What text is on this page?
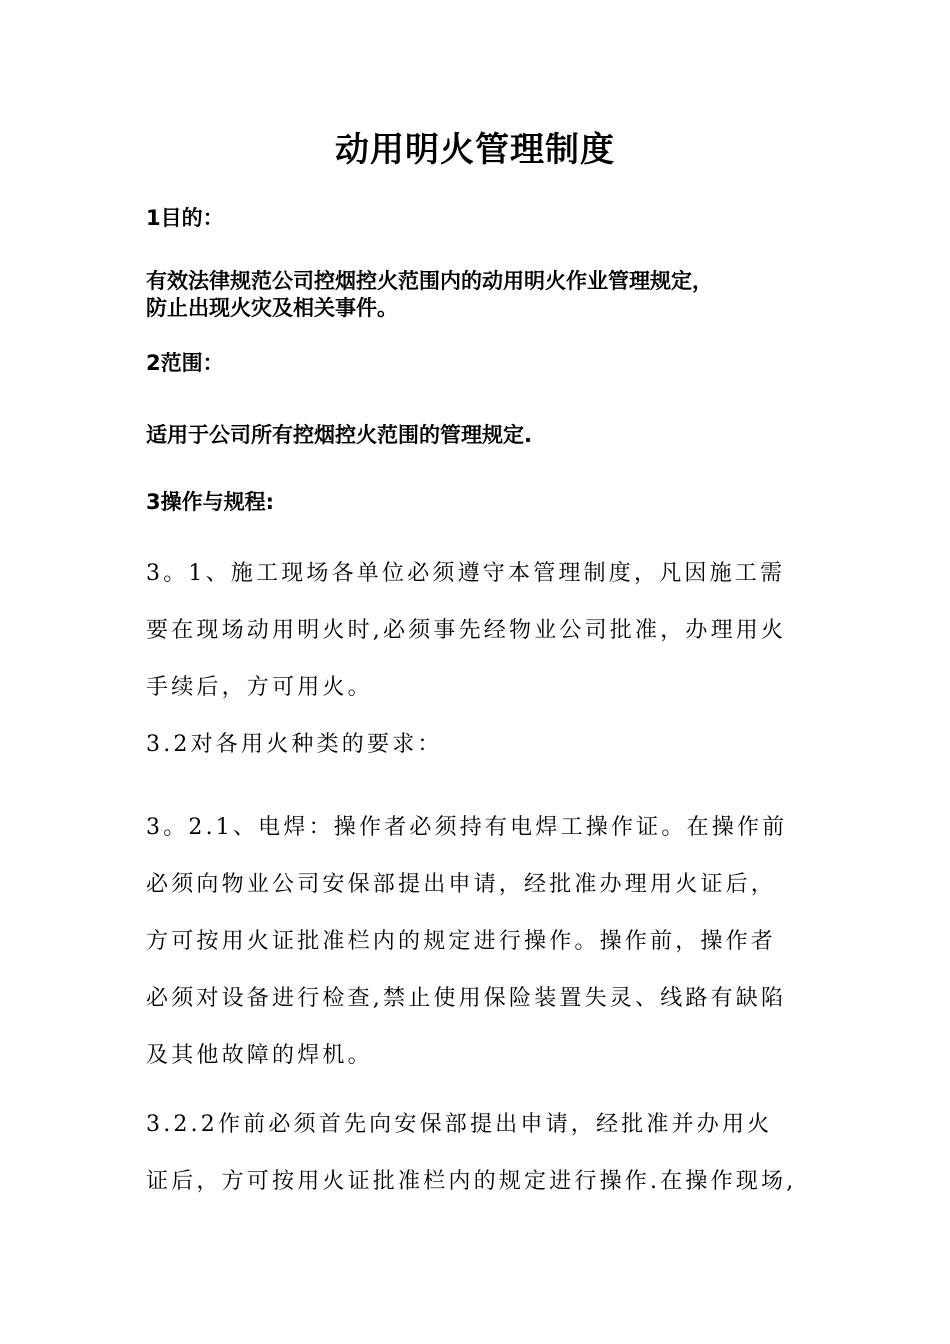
动用明火管理制度
1目的：
有效法律规范公司控烟控火范围内的动用明火作业管理规定，
防止出现火灾及相关事件。
2范围：
适用于公司所有控烟控火范围的管理规定.
3操作与规程:
3。1、施工现场各单位必须遵守本管理制度，凡因施工需
要在现场动用明火时,必须事先经物业公司批准，办理用火
手续后，方可用火。
3.2对各用火种类的要求：
3。2.1、电焊：操作者必须持有电焊工操作证。在操作前
必须向物业公司安保部提出申请，经批准办理用火证后，
方可按用火证批准栏内的规定进行操作。操作前，操作者
必须对设备进行检查,禁止使用保险装置失灵、线路有缺陷
及其他故障的焊机。
3.2.2作前必须首先向安保部提出申请，经批准并办用火
证后，方可按用火证批准栏内的规定进行操作.在操作现场,
